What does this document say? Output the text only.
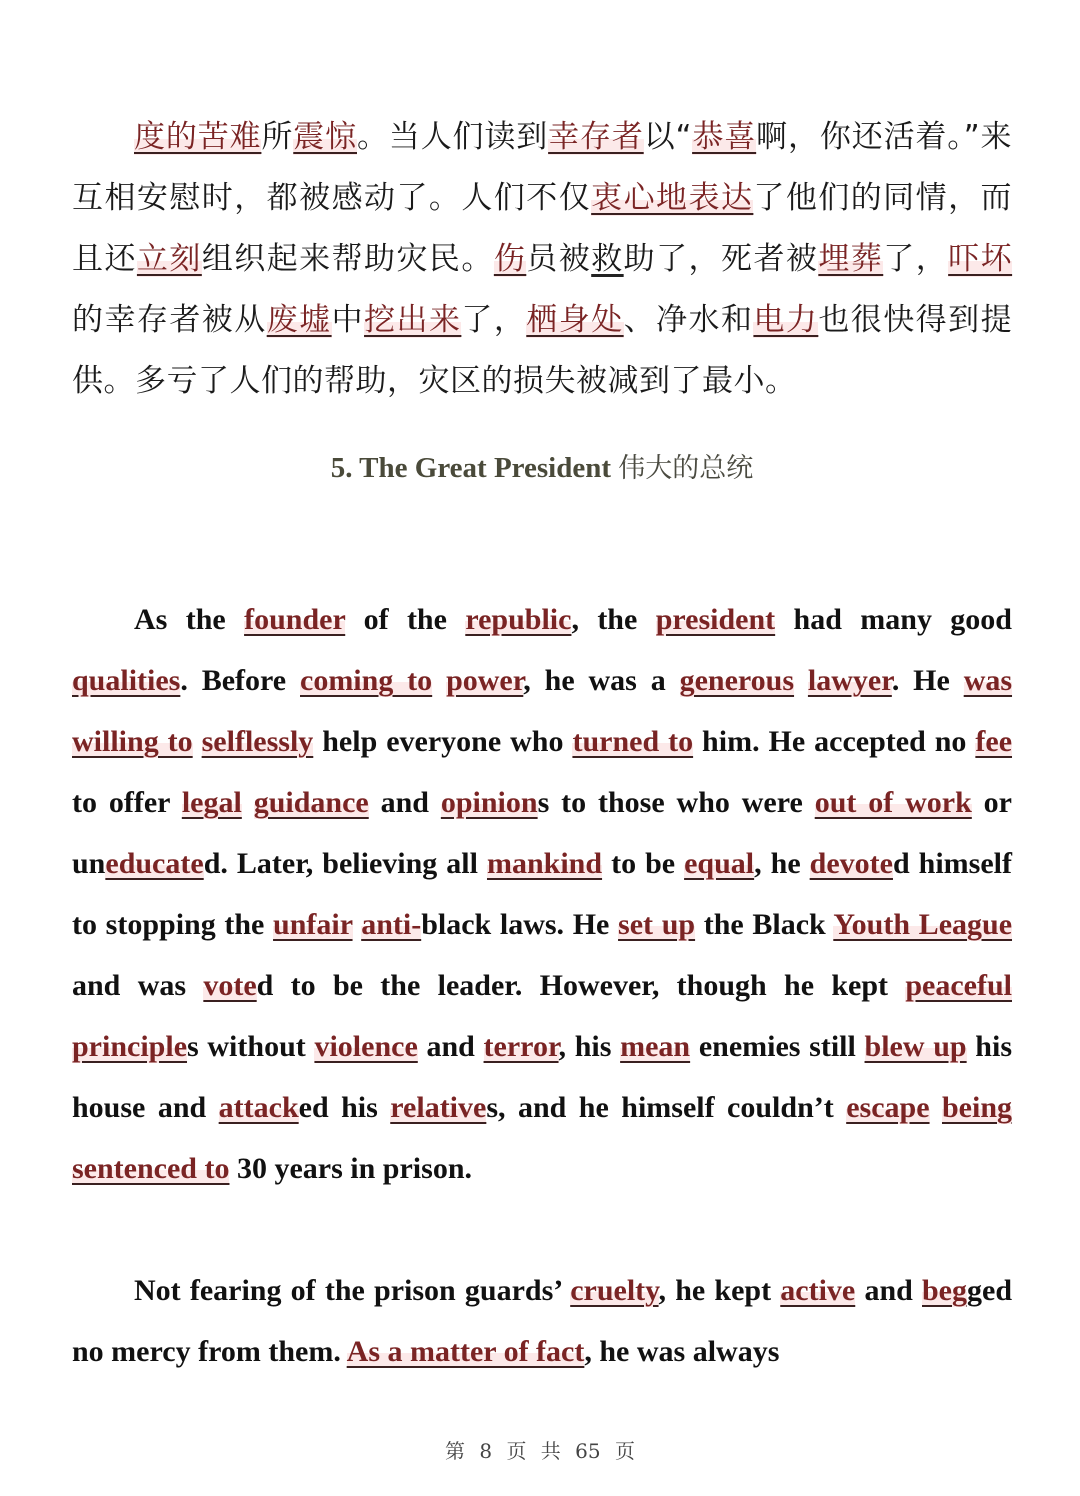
度的苦难所震惊。当人们读到幸存者以“恭喜啊，你还活着。”来互相安慰时，都被感动了。人们不仅衷心地表达了他们的同情，而且还立刻组织起来帮助灾民。伤员被救助了，死者被埋葬了，吓坏的幸存者被从废墟中挖出来了，栖身处、净水和电力也很快得到提供。多亏了人们的帮助，灾区的损失被减到了最小。

5. The Great President 伟大的总统

As the founder of the republic, the president had many good qualities. Before coming to power, he was a generous lawyer. He was willing to selflessly help everyone who turned to him. He accepted no fee to offer legal guidance and opinions to those who were out of work or uneducated. Later, believing all mankind to be equal, he devoted himself to stopping the unfair anti-black laws. He set up the Black Youth League and was voted to be the leader. However, though he kept peaceful principles without violence and terror, his mean enemies still blew up his house and attacked his relatives, and he himself couldn’t escape being sentenced to 30 years in prison.

Not fearing of the prison guards’ cruelty, he kept active and begged no mercy from them. As a matter of fact, he was always

第 8 页 共 65 页
